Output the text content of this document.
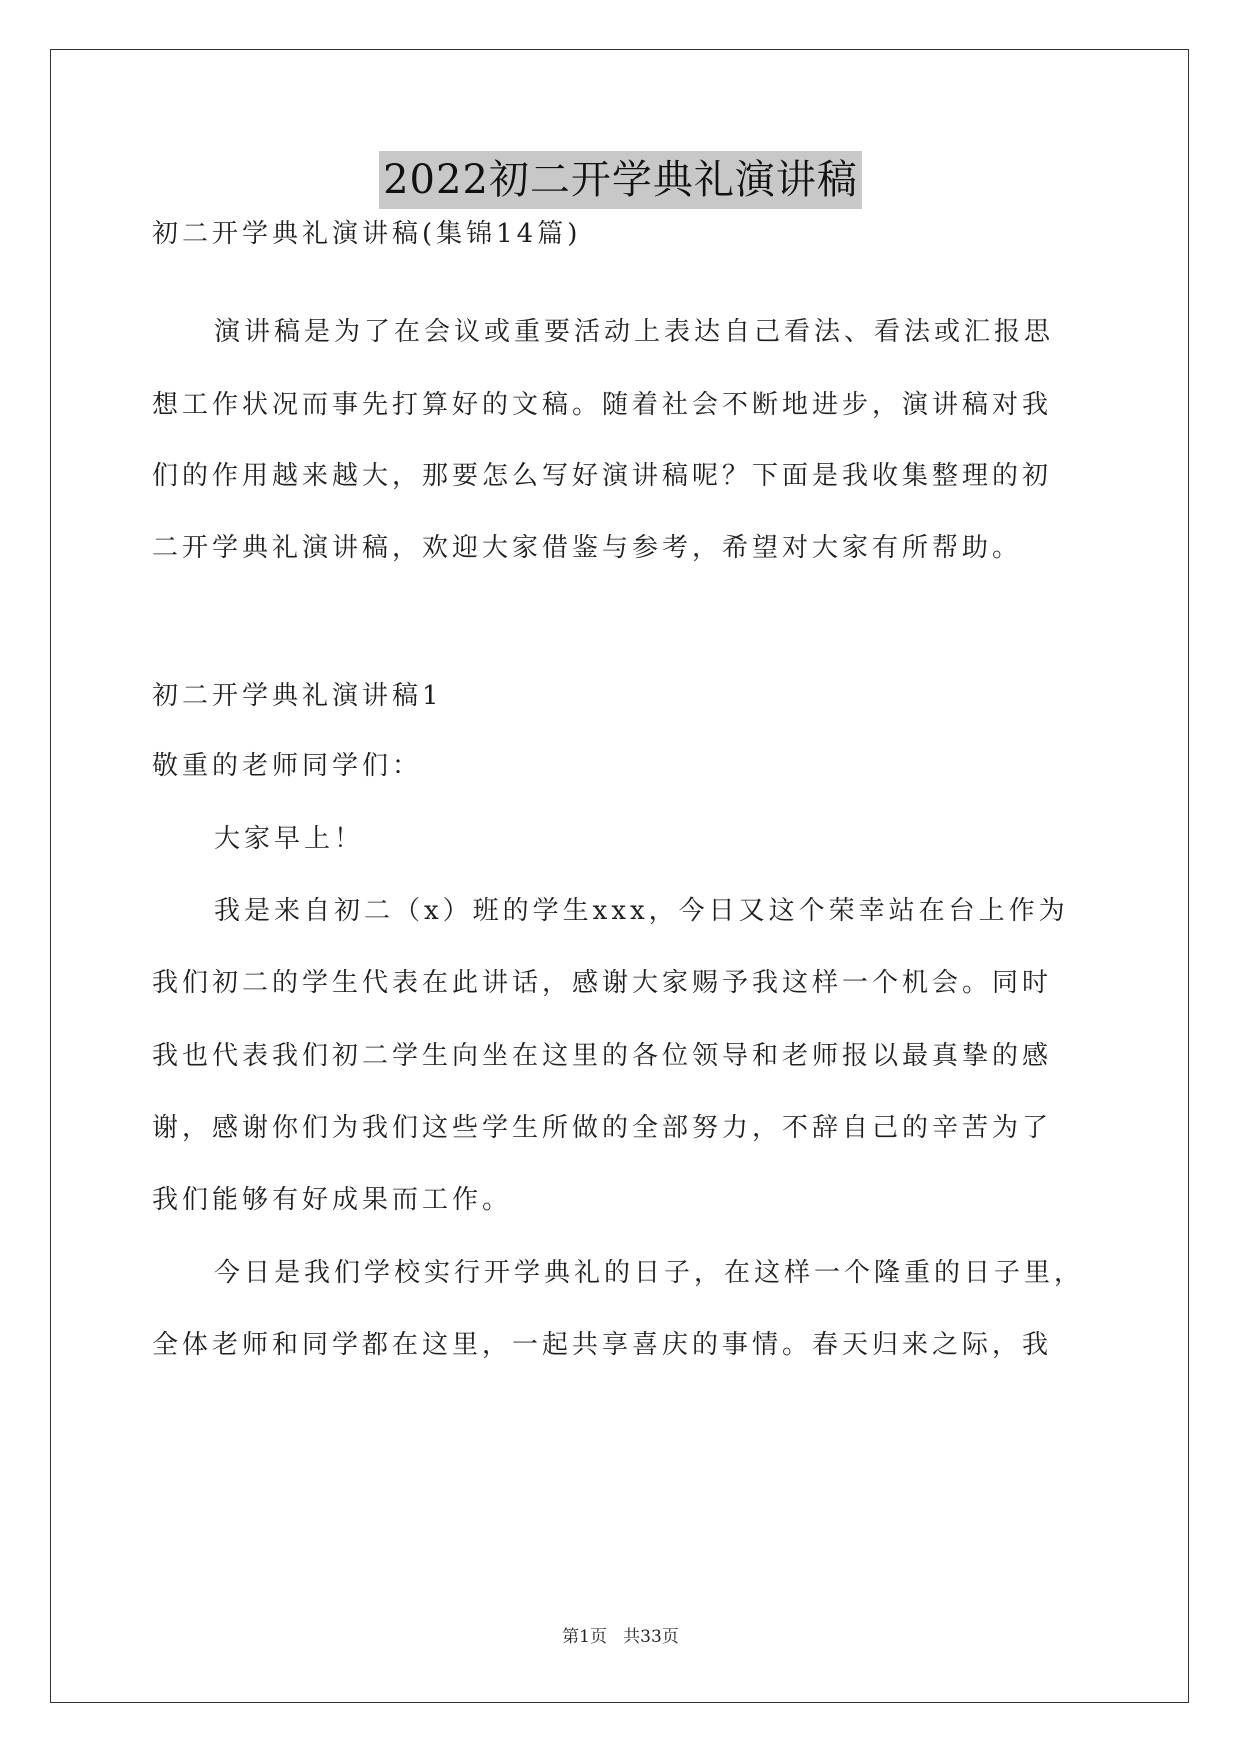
2022初二开学典礼演讲稿
初二开学典礼演讲稿(集锦14篇)
演讲稿是为了在会议或重要活动上表达自己看法、看法或汇报思
想工作状况而事先打算好的文稿。随着社会不断地进步，演讲稿对我
们的作用越来越大，那要怎么写好演讲稿呢？下面是我收集整理的初
二开学典礼演讲稿，欢迎大家借鉴与参考，希望对大家有所帮助。
初二开学典礼演讲稿1
敬重的老师同学们：
大家早上！
我是来自初二（x）班的学生xxx，今日又这个荣幸站在台上作为
我们初二的学生代表在此讲话，感谢大家赐予我这样一个机会。同时
我也代表我们初二学生向坐在这里的各位领导和老师报以最真挚的感
谢，感谢你们为我们这些学生所做的全部努力，不辞自己的辛苦为了
我们能够有好成果而工作。
今日是我们学校实行开学典礼的日子，在这样一个隆重的日子里，
全体老师和同学都在这里，一起共享喜庆的事情。春天归来之际，我
第1页   共33页
